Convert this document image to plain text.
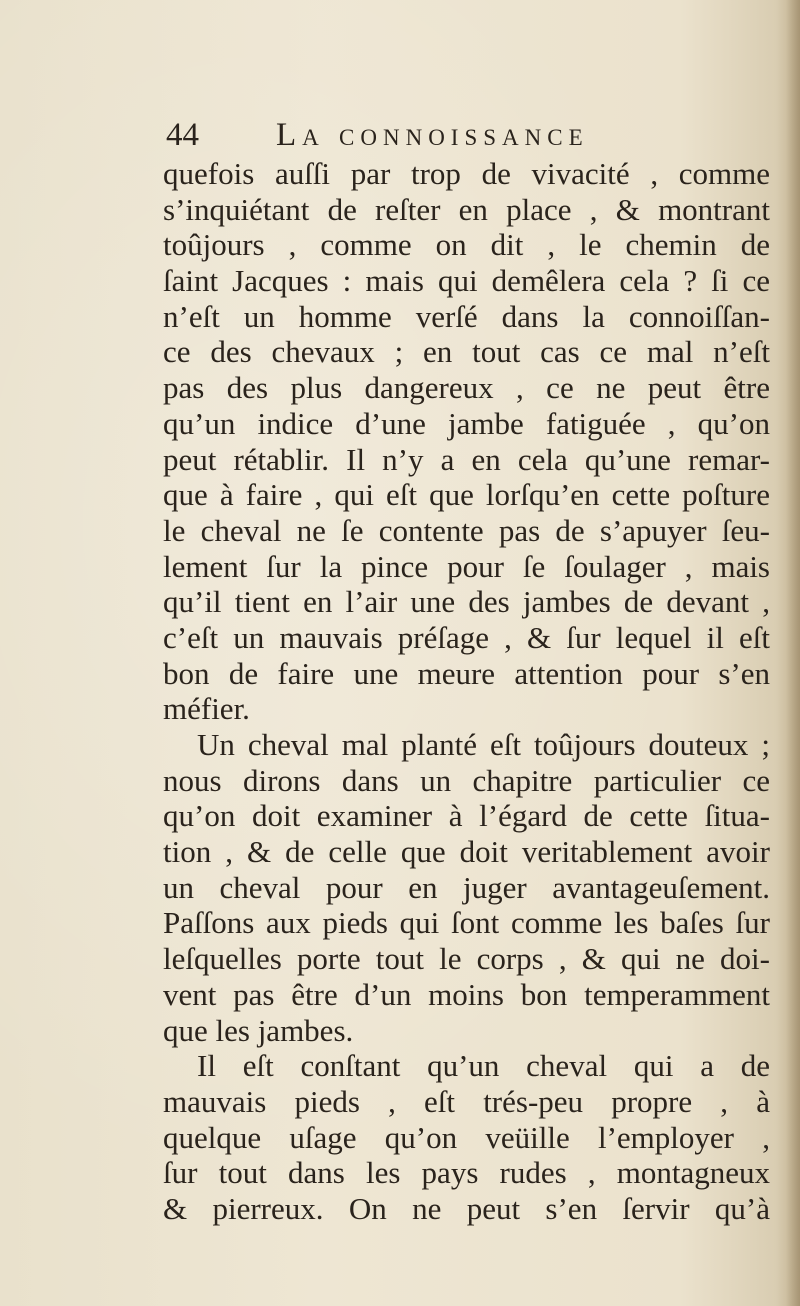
44 La connoissance
quefois auſſi par trop de vivacité , comme
s’inquiétant de reſter en place , & montrant
toûjours , comme on dit , le chemin de
ſaint Jacques : mais qui demêlera cela ? ſi ce
n’eſt un homme verſé dans la connoiſſan-
ce des chevaux ; en tout cas ce mal n’eſt
pas des plus dangereux , ce ne peut être
qu’un indice d’une jambe fatiguée , qu’on
peut rétablir. Il n’y a en cela qu’une remar-
que à faire , qui eſt que lorſqu’en cette poſture
le cheval ne ſe contente pas de s’apuyer ſeu-
lement ſur la pince pour ſe ſoulager , mais
qu’il tient en l’air une des jambes de devant ,
c’eſt un mauvais préſage , & ſur lequel il eſt
bon de faire une meure attention pour s’en
méfier.
Un cheval mal planté eſt toûjours douteux ;
nous dirons dans un chapitre particulier ce
qu’on doit examiner à l’égard de cette ſitua-
tion , & de celle que doit veritablement avoir
un cheval pour en juger avantageuſement.
Paſſons aux pieds qui ſont comme les baſes ſur
leſquelles porte tout le corps , & qui ne doi-
vent pas être d’un moins bon temperamment
que les jambes.
Il eſt conſtant qu’un cheval qui a de
mauvais pieds , eſt trés-peu propre , à
quelque uſage qu’on veüille l’employer ,
ſur tout dans les pays rudes , montagneux
& pierreux. On ne peut s’en ſervir qu’à
